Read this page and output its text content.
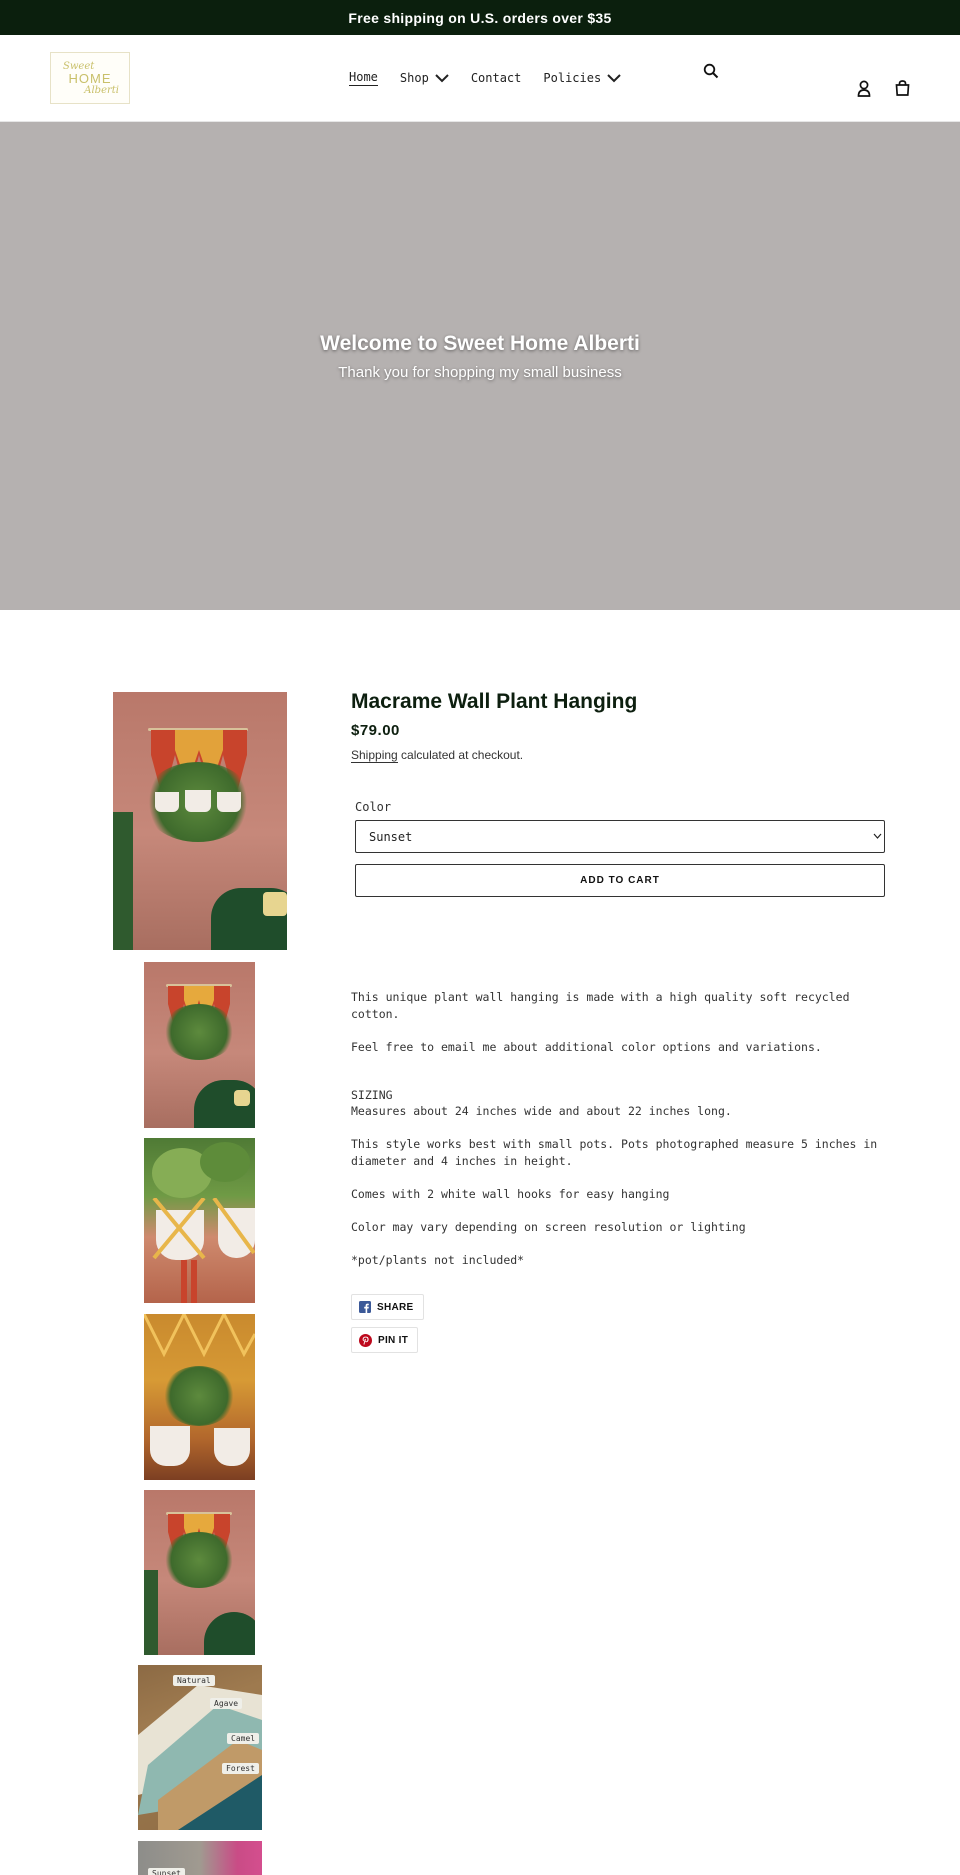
Free shipping on U.S. orders over $35
Sweet
HOME
Alberti
Home Shop	Contact Policies
Welcome to Sweet Home Alberti

Thank you for shopping my small business

Natural
Agave
Camel
Forest
Sunset
Macrame Wall Plant Hanging
$79.00
Shipping calculated at checkout.
Color
Sunset
ADD TO CART

This unique plant wall hanging is made with a high quality soft recycled cotton.

Feel free to email me about additional color options and variations.

SIZING

Measures about 24 inches wide and about 22 inches long.

This style works best with small pots. Pots photographed measure 5 inches in diameter and 4 inches in height.

Comes with 2 white wall hooks for easy hanging

Color may vary depending on screen resolution or lighting

*pot/plants not included*

SHARE
PIN IT
